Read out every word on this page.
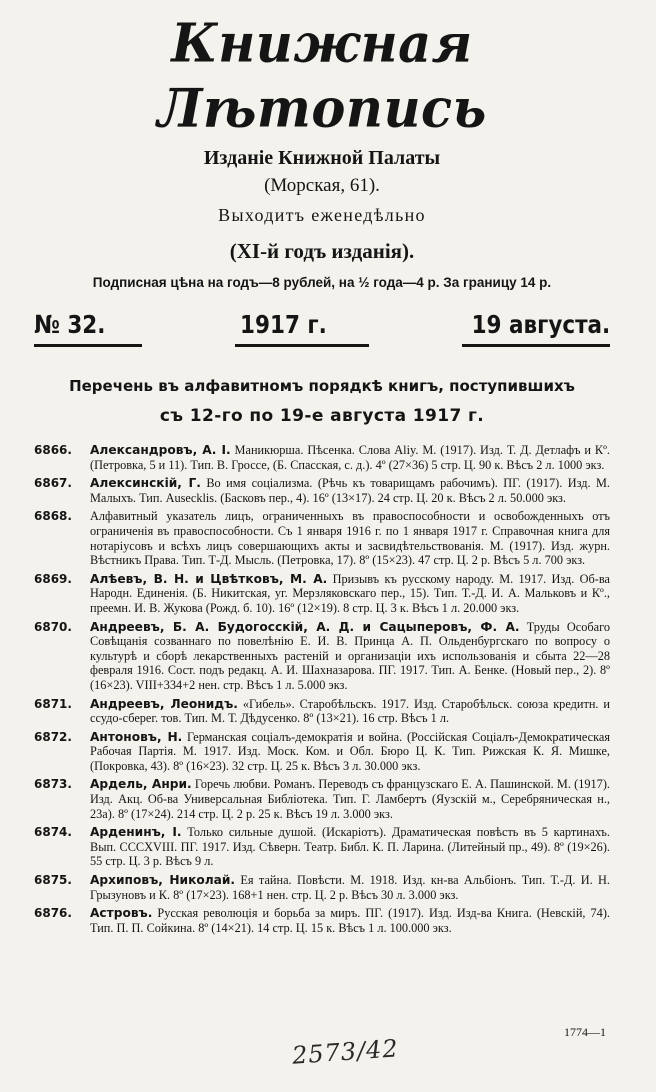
Книжная Лѣтопись
Изданіе Книжной Палаты
(Морская, 61).
Выходитъ еженедѣльно
(XI-й годъ изданія).
Подписная цѣна на годъ—8 рублей, на ½ года—4 р. За границу 14 р.
№ 32.	1917 г.	19 августа.
Перечень въ алфавитномъ порядкѣ книгъ, поступившихъ
съ 12-го по 19-е августа 1917 г.
6866. Александровъ, А. І. Маникюрша. Пѣсенка. Слова Aliy. М. (1917). Изд. Т. Д. Детлафъ и Кº. (Петровка, 5 и 11). Тип. В. Гроссе, (Б. Спасская, с. д.). 4º (27×36) 5 стр. Ц. 90 к. Вѣсъ 2 л. 1000 экз.
6867. Алексинскій, Г. Во имя соціализма. (Рѣчь къ товарищамъ рабочимъ). ПГ. (1917). Изд. М. Малыхъ. Тип. Ausecklis. (Басковъ пер., 4). 16º (13×17). 24 стр. Ц. 20 к. Вѣсъ 2 л. 50.000 экз.
6868. Алфавитный указатель лицъ, ограниченныхъ въ правоспособности и освобожденныхъ отъ ограниченія въ правоспособности. Съ 1 января 1916 г. по 1 января 1917 г. Справочная книга для нотаріусовъ и всѣхъ лицъ совершающихъ акты и засвидѣтельствованія. М. (1917). Изд. журн. Вѣстникъ Права. Тип. Т-Д. Мысль. (Петровка, 17). 8º (15×23). 47 стр. Ц. 2 р. Вѣсъ 5 л. 700 экз.
6869. Алѣевъ, В. Н. и Цвѣтковъ, М. А. Призывъ къ русскому народу. М. 1917. Изд. Об-ва Народн. Единенія. (Б. Никитская, уг. Мерзляковскаго пер., 15). Тип. Т.-Д. И. А. Мальковъ и Кº., преемн. И. В. Жукова (Рожд. б. 10). 16º (12×19). 8 стр. Ц. 3 к. Вѣсъ 1 л. 20.000 экз.
6870. Андреевъ, Б. А. Будогосскій, А. Д. и Сацыперовъ, Ф. А. Труды Особаго Совѣщанія созваннаго по повелѣнію Е. И. В. Принца А. П. Ольденбургскаго по вопросу о культурѣ и сборѣ лекарственныхъ растеній и организаціи ихъ использованія и сбыта 22—28 февраля 1916. Сост. подъ редакц. А. И. Шахназарова. ПГ. 1917. Тип. А. Бенке. (Новый пер., 2). 8º (16×23). VIII+334+2 нен. стр. Вѣсъ 1 л. 5.000 экз.
6871. Андреевъ, Леонидъ. «Гибель». Старобѣльскъ. 1917. Изд. Старобѣльск. союза кредитн. и ссудо-сберег. тов. Тип. М. Т. Дѣдусенко. 8º (13×21). 16 стр. Вѣсъ 1 л.
6872. Антоновъ, Н. Германская соціалъ-демократія и война. (Россійская Соціалъ-Демократическая Рабочая Партія. М. 1917. Изд. Моск. Ком. и Обл. Бюро Ц. К. Тип. Рижская К. Я. Мишке, (Покровка, 43). 8º (16×23). 32 стр. Ц. 25 к. Вѣсъ 3 л. 30.000 экз.
6873. Ардель, Анри. Горечь любви. Романъ. Переводъ съ французскаго Е. А. Пашинской. М. (1917). Изд. Акц. Об-ва Универсальная Библіотека. Тип. Г. Ламбертъ (Яузскій м., Серебряническая н., 23а). 8º (17×24). 214 стр. Ц. 2 р. 25 к. Вѣсъ 19 л. 3.000 экз.
6874. Арденинъ, І. Только сильные душой. (Искаріотъ). Драматическая повѣсть въ 5 картинахъ. Вып. CCCXVIII. ПГ. 1917. Изд. Сѣверн. Театр. Библ. К. П. Ларина. (Литейный пр., 49). 8º (19×26). 55 стр. Ц. 3 р. Вѣсъ 9 л.
6875. Архиповъ, Николай. Ея тайна. Повѣсти. М. 1918. Изд. кн-ва Альбіонъ. Тип. Т.-Д. И. Н. Грызуновъ и К. 8º (17×23). 168+1 нен. стр. Ц. 2 р. Вѣсъ 30 л. 3.000 экз.
6876. Астровъ. Русская революція и борьба за миръ. ПГ. (1917). Изд. Изд-ва Книга. (Невскій, 74). Тип. П. П. Сойкина. 8º (14×21). 14 стр. Ц. 15 к. Вѣсъ 1 л. 100.000 экз.
1774—1
2573/42
